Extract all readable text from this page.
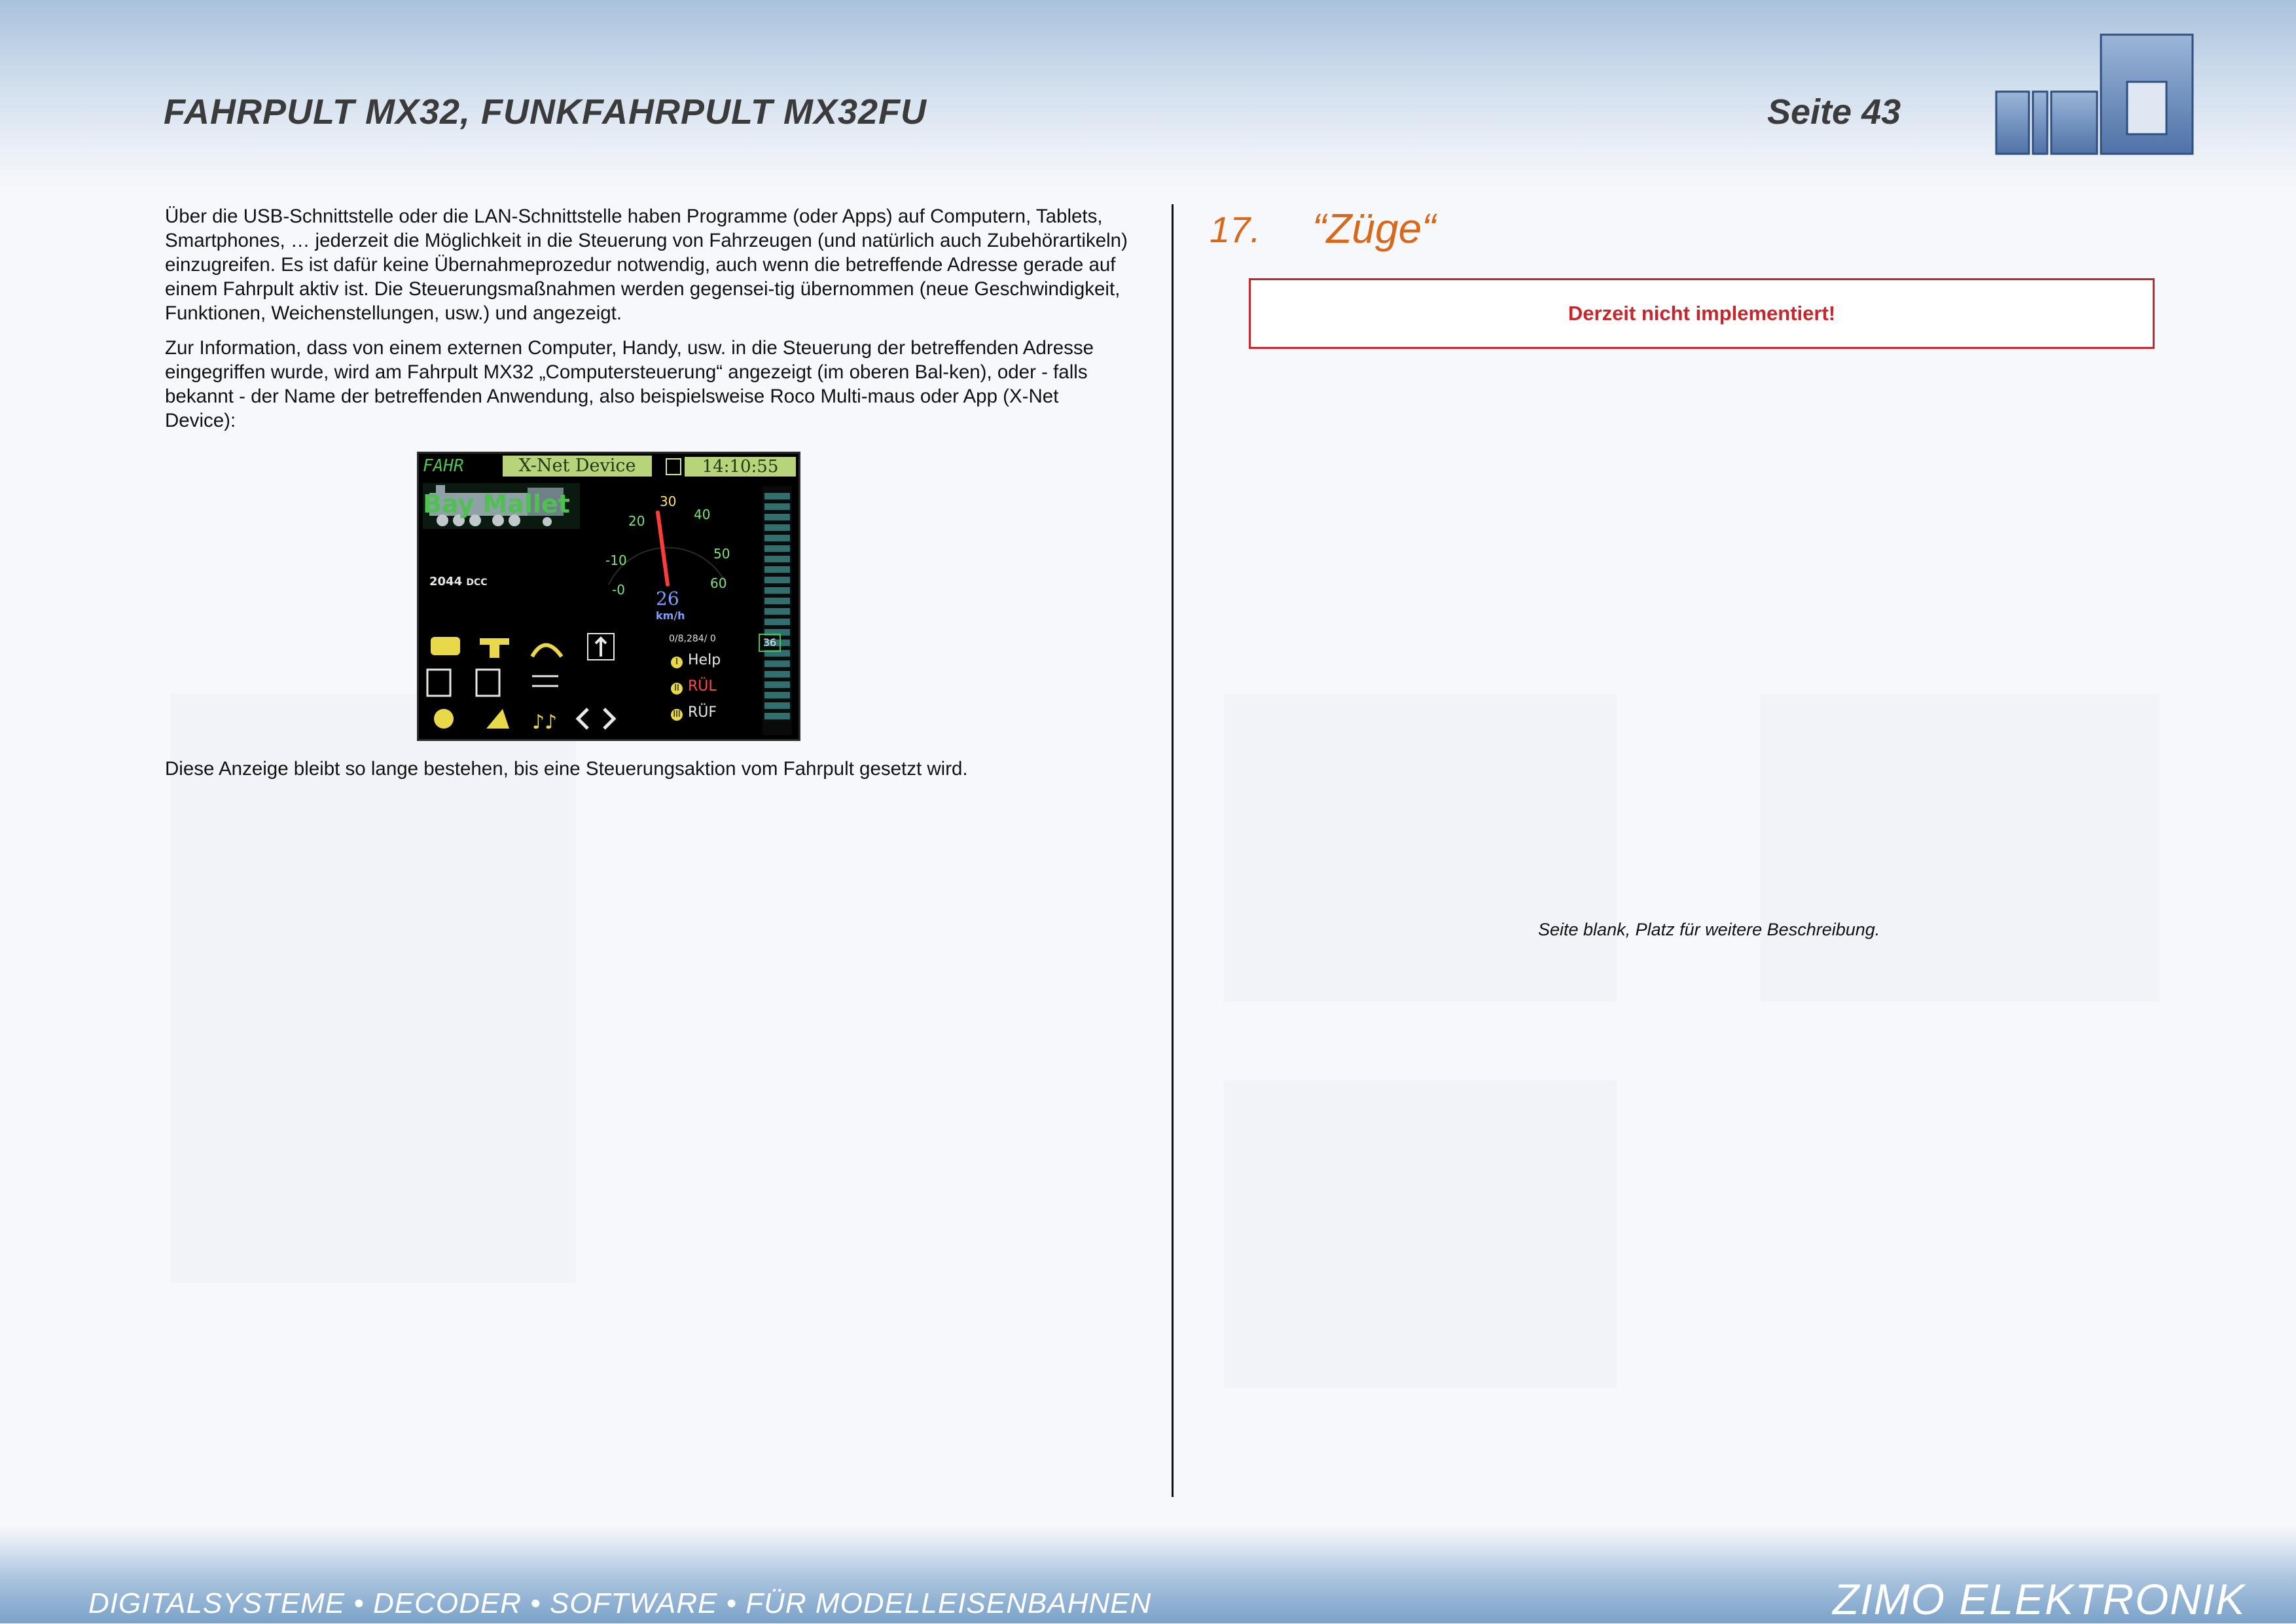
FAHRPULT MX32, FUNKFAHRPULT MX32FU	Seite 43

Über die USB-Schnittstelle oder die LAN-Schnittstelle haben Programme (oder Apps) auf Computern, Tablets, Smartphones, … jederzeit die Möglichkeit in die Steuerung von Fahrzeugen (und natürlich auch Zubehörartikeln) einzugreifen. Es ist dafür keine Übernahmeprozedur notwendig, auch wenn die betreffende Adresse gerade auf einem Fahrpult aktiv ist. Die Steuerungsmaßnahmen werden gegensei-tig übernommen (neue Geschwindigkeit, Funktionen, Weichenstellungen, usw.) und angezeigt.

Zur Information, dass von einem externen Computer, Handy, usw. in die Steuerung der betreffenden Adresse eingegriffen wurde, wird am Fahrpult MX32 „Computersteuerung“ angezeigt (im oberen Bal-ken), oder - falls bekannt - der Name der betreffenden Anwendung, also beispielsweise Roco Multi-maus oder App (X-Net Device):

FAHR	X-Net Device	14:10:55
Bay Mallet
2044 DCC
-10
-0
20
30
40
50
60
26
km/h
0/8,284/ 0	36
♪♪
I Help
II RÜL
III RÜF
Diese Anzeige bleibt so lange bestehen, bis eine Steuerungsaktion vom Fahrpult gesetzt wird.
17. “Züge“
Derzeit nicht implementiert!
Seite blank, Platz für weitere Beschreibung.
DIGITALSYSTEME • DECODER • SOFTWARE • FÜR MODELLEISENBAHNEN	ZIMO ELEKTRONIK
